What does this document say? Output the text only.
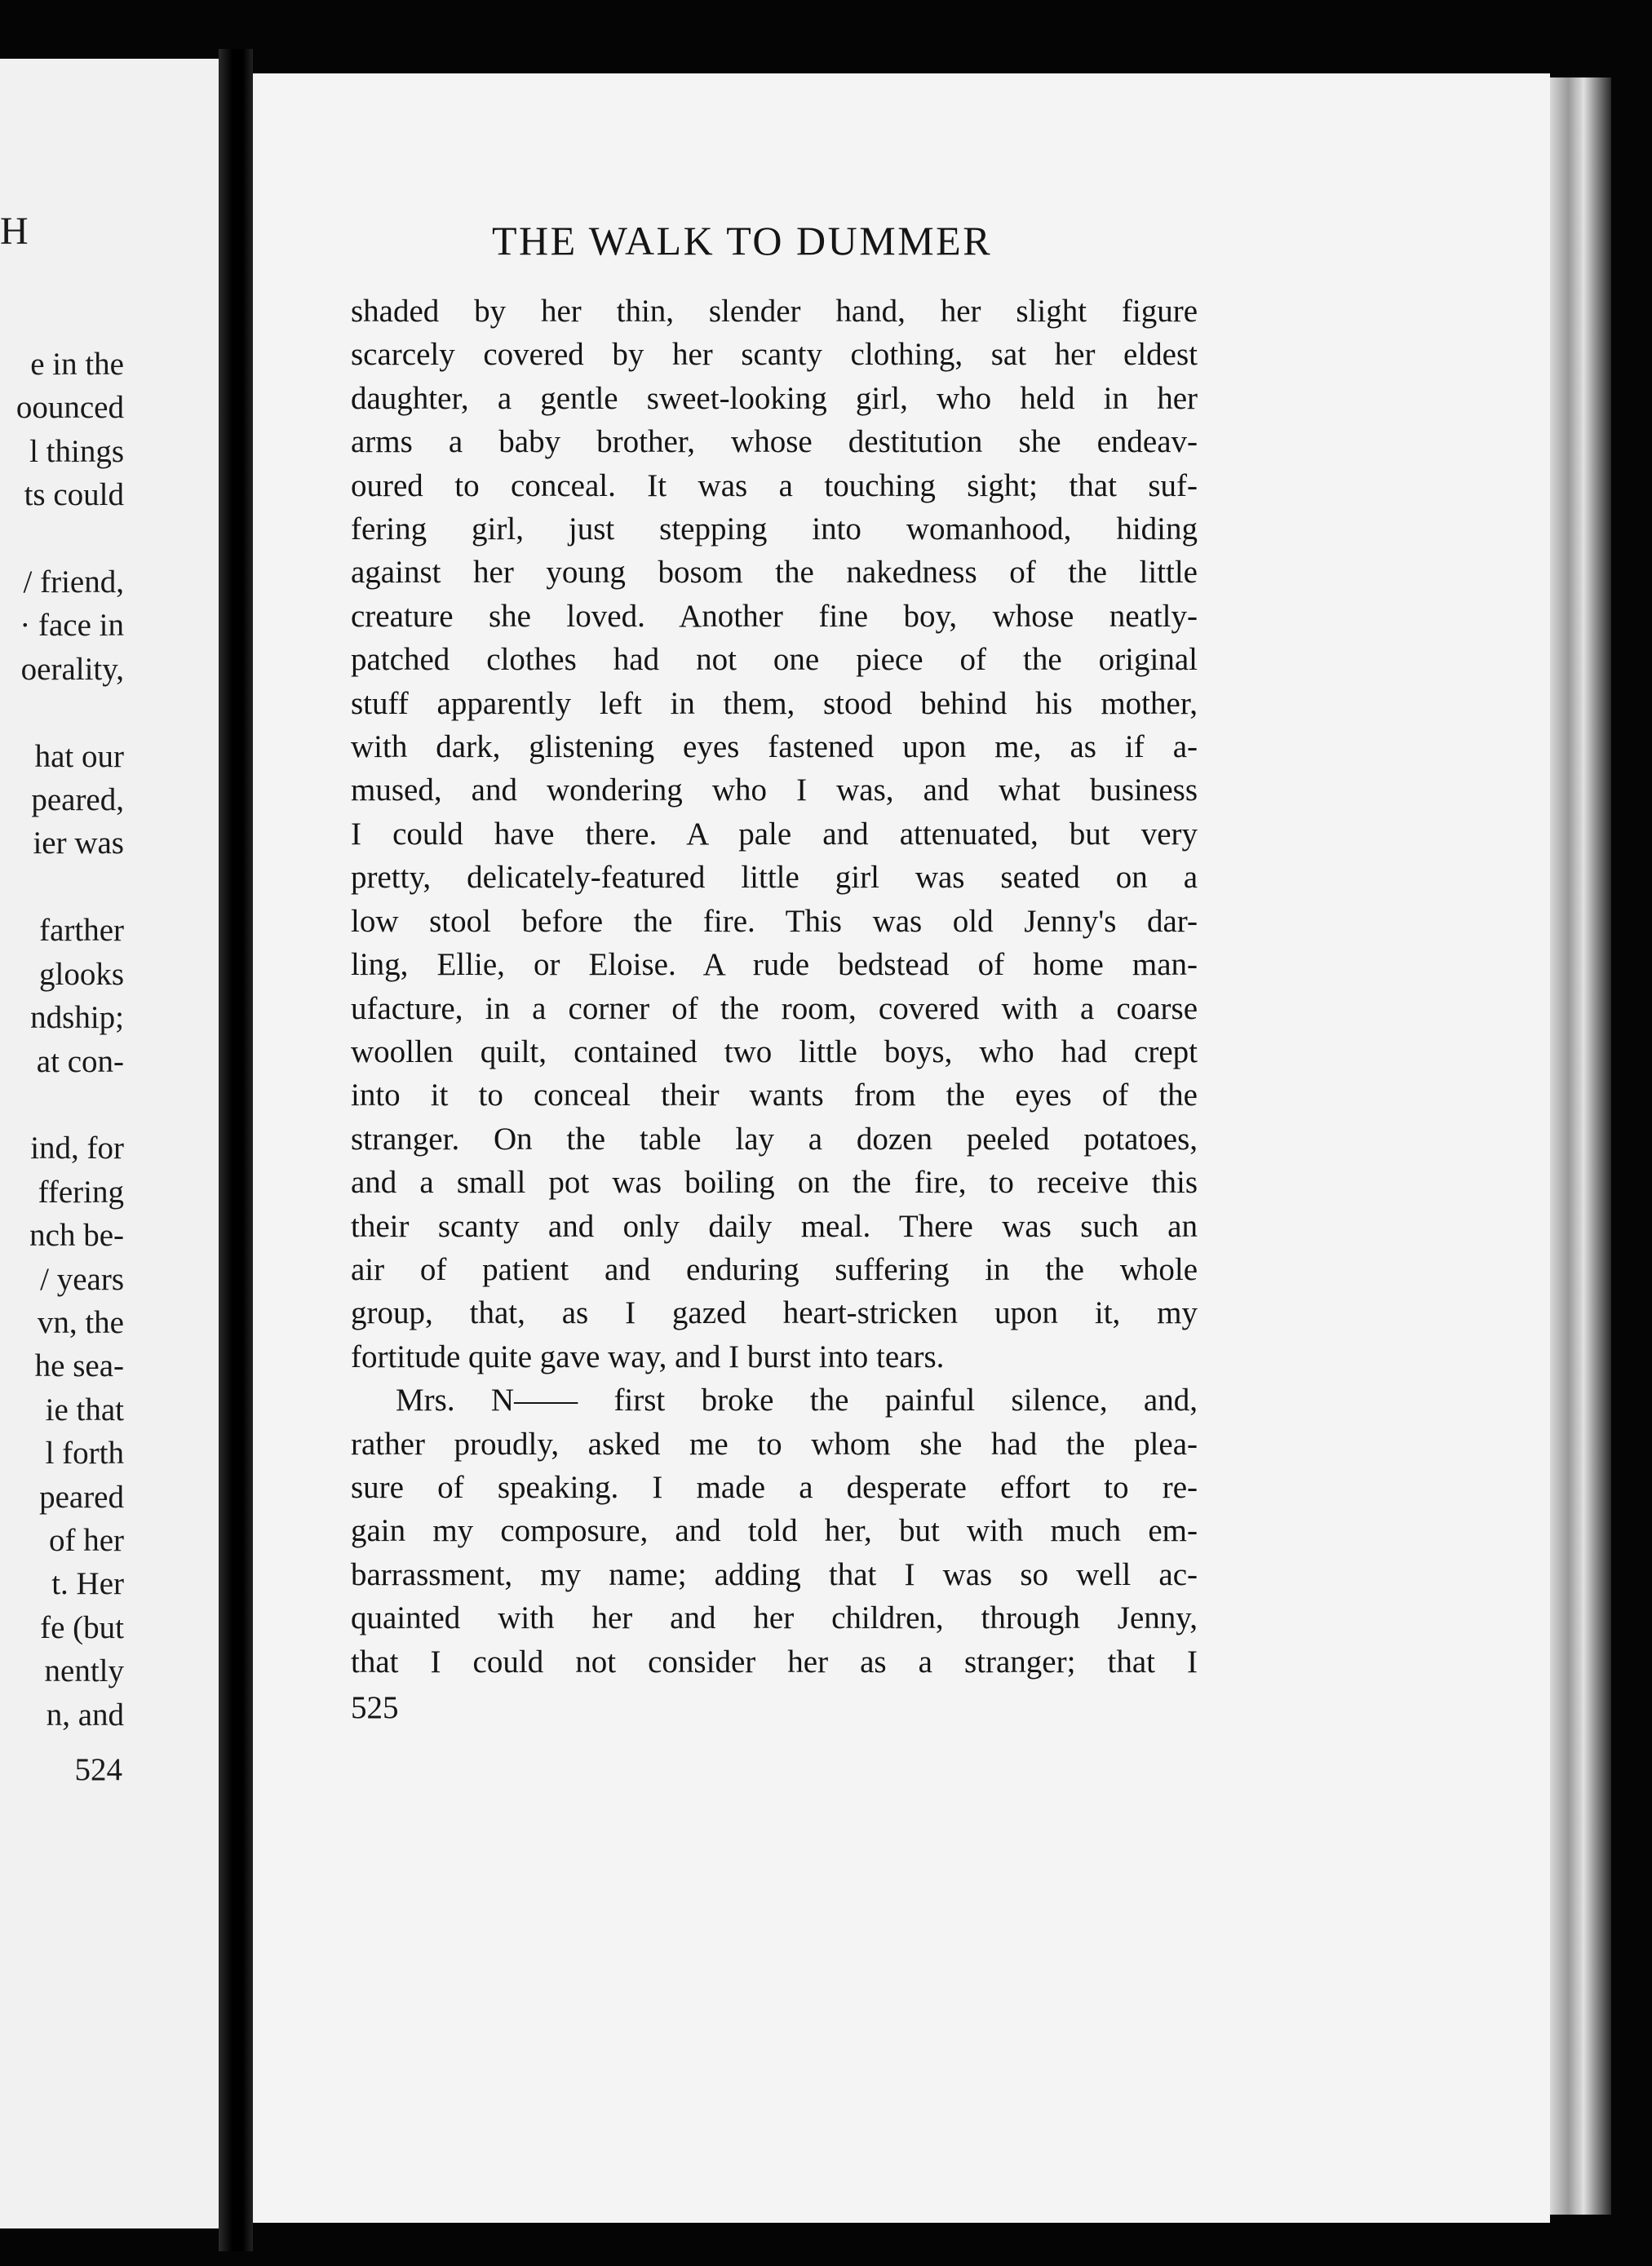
H
e in the
oounced
l things
ts could

/ friend,
· face in
oerality,

hat our
peared,
ier was

farther
glooks
ndship;
at con-

ind, for
ffering
nch be-
/ years
vn, the
he sea-
ie that
l forth
peared
of her
t. Her
fe (but
nently
n, and
524
THE WALK TO DUMMER
shaded by her thin, slender hand, her slight figure
scarcely covered by her scanty clothing, sat her eldest
daughter, a gentle sweet-looking girl, who held in her
arms a baby brother, whose destitution she endeav-
oured to conceal. It was a touching sight; that suf-
fering girl, just stepping into womanhood, hiding
against her young bosom the nakedness of the little
creature she loved. Another fine boy, whose neatly-
patched clothes had not one piece of the original
stuff apparently left in them, stood behind his mother,
with dark, glistening eyes fastened upon me, as if a-
mused, and wondering who I was, and what business
I could have there. A pale and attenuated, but very
pretty, delicately-featured little girl was seated on a
low stool before the fire. This was old Jenny's dar-
ling, Ellie, or Eloise. A rude bedstead of home man-
ufacture, in a corner of the room, covered with a coarse
woollen quilt, contained two little boys, who had crept
into it to conceal their wants from the eyes of the
stranger. On the table lay a dozen peeled potatoes,
and a small pot was boiling on the fire, to receive this
their scanty and only daily meal. There was such an
air of patient and enduring suffering in the whole
group, that, as I gazed heart-stricken upon it, my
fortitude quite gave way, and I burst into tears.
Mrs. N—— first broke the painful silence, and,
rather proudly, asked me to whom she had the plea-
sure of speaking. I made a desperate effort to re-
gain my composure, and told her, but with much em-
barrassment, my name; adding that I was so well ac-
quainted with her and her children, through Jenny,
that I could not consider her as a stranger; that I
525
